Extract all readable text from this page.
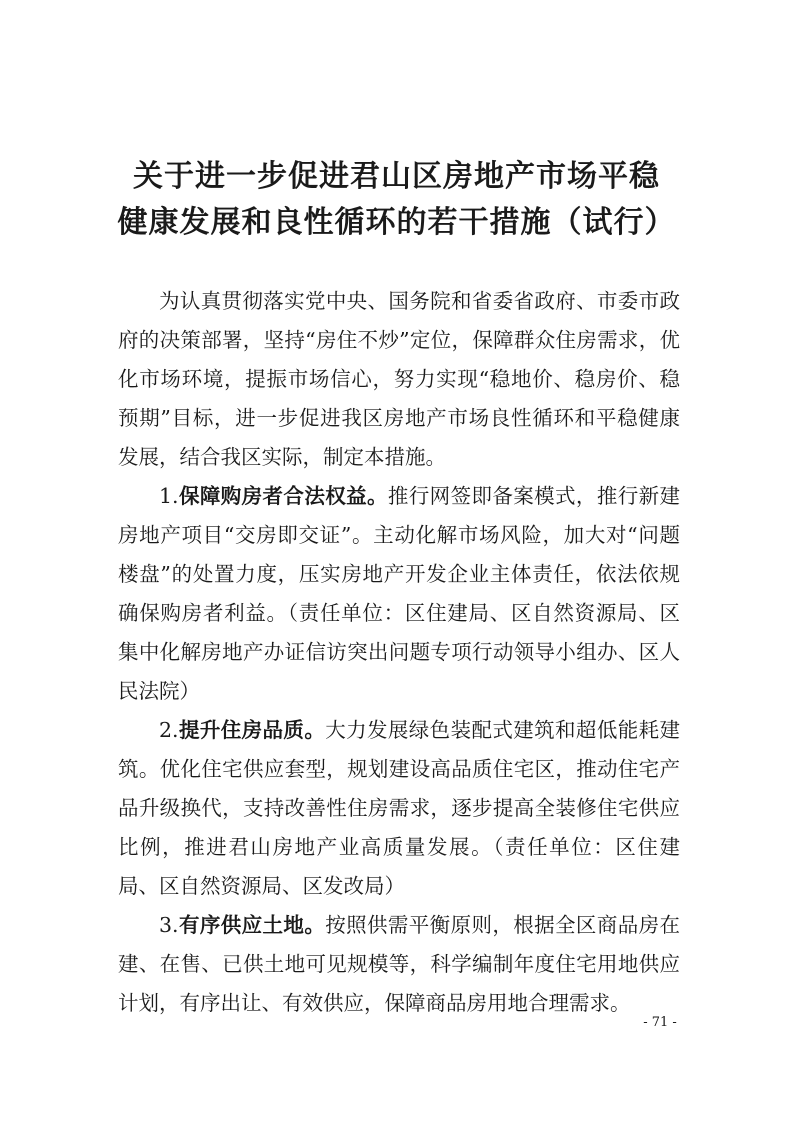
关于进一步促进君山区房地产市场平稳
健康发展和良性循环的若干措施（试行）

为认真贯彻落实党中央、国务院和省委省政府、市委市政府的决策部署，坚持“房住不炒”定位，保障群众住房需求，优化市场环境，提振市场信心，努力实现“稳地价、稳房价、稳预期”目标，进一步促进我区房地产市场良性循环和平稳健康发展，结合我区实际，制定本措施。

1.保障购房者合法权益。推行网签即备案模式，推行新建房地产项目“交房即交证”。主动化解市场风险，加大对“问题楼盘”的处置力度，压实房地产开发企业主体责任，依法依规确保购房者利益。（责任单位：区住建局、区自然资源局、区集中化解房地产办证信访突出问题专项行动领导小组办、区人民法院）

2.提升住房品质。大力发展绿色装配式建筑和超低能耗建筑。优化住宅供应套型，规划建设高品质住宅区，推动住宅产品升级换代，支持改善性住房需求，逐步提高全装修住宅供应比例，推进君山房地产业高质量发展。（责任单位：区住建局、区自然资源局、区发改局）

3.有序供应土地。按照供需平衡原则，根据全区商品房在建、在售、已供土地可见规模等，科学编制年度住宅用地供应计划，有序出让、有效供应，保障商品房用地合理需求。

- 71 -
